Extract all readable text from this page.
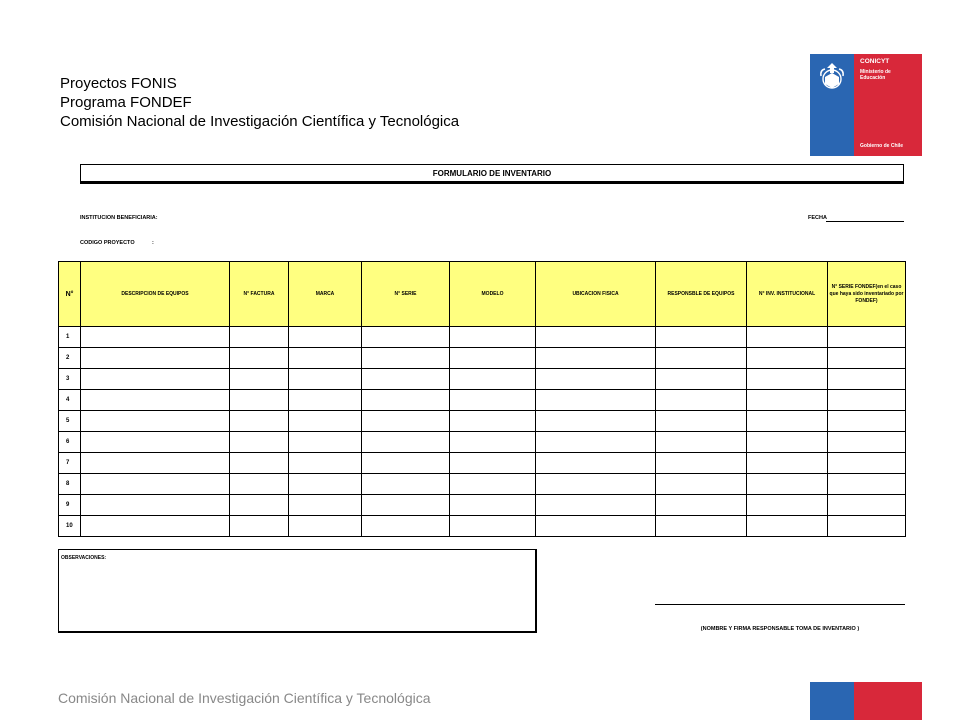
Proyectos FONIS
Programa FONDEF
Comisión Nacional de Investigación Científica y Tecnológica
CONICYT
Ministerio de
Educación
Gobierno de Chile
FORMULARIO DE INVENTARIO
INSTITUCION BENEFICIARIA:	FECHA
CODIGO PROYECTO	:
N°	DESCRIPCION DE EQUIPOS	N° FACTURA	MARCA	N° SERIE	MODELO	UBICACION FISICA	RESPONSBLE DE EQUIPOS	N° INV. INSTITUCIONAL	N° SERIE FONDEF(en el caso que haya sido inventariado por FONDEF)
1									
2									
3									
4									
5									
6									
7									
8									
9									
10									
OBSERVACIONES:
(NOMBRE Y FIRMA RESPONSABLE TOMA DE INVENTARIO )
Comisión Nacional de Investigación Científica y Tecnológica
